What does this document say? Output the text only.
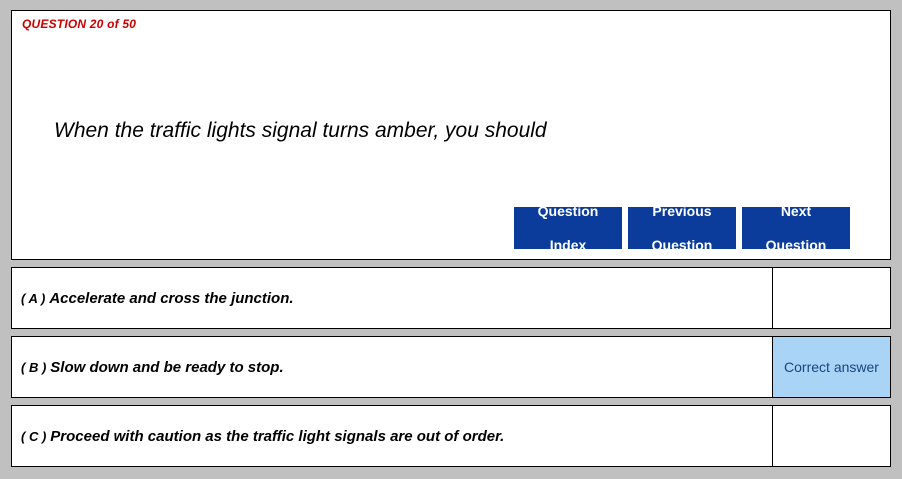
QUESTION 20 of 50
When the traffic lights signal turns amber, you should
Question

Index
Previous

Question
Next

Question
( A ) Accelerate and cross the junction.
( B ) Slow down and be ready to stop.	Correct answer
( C ) Proceed with caution as the traffic light signals are out of order.
